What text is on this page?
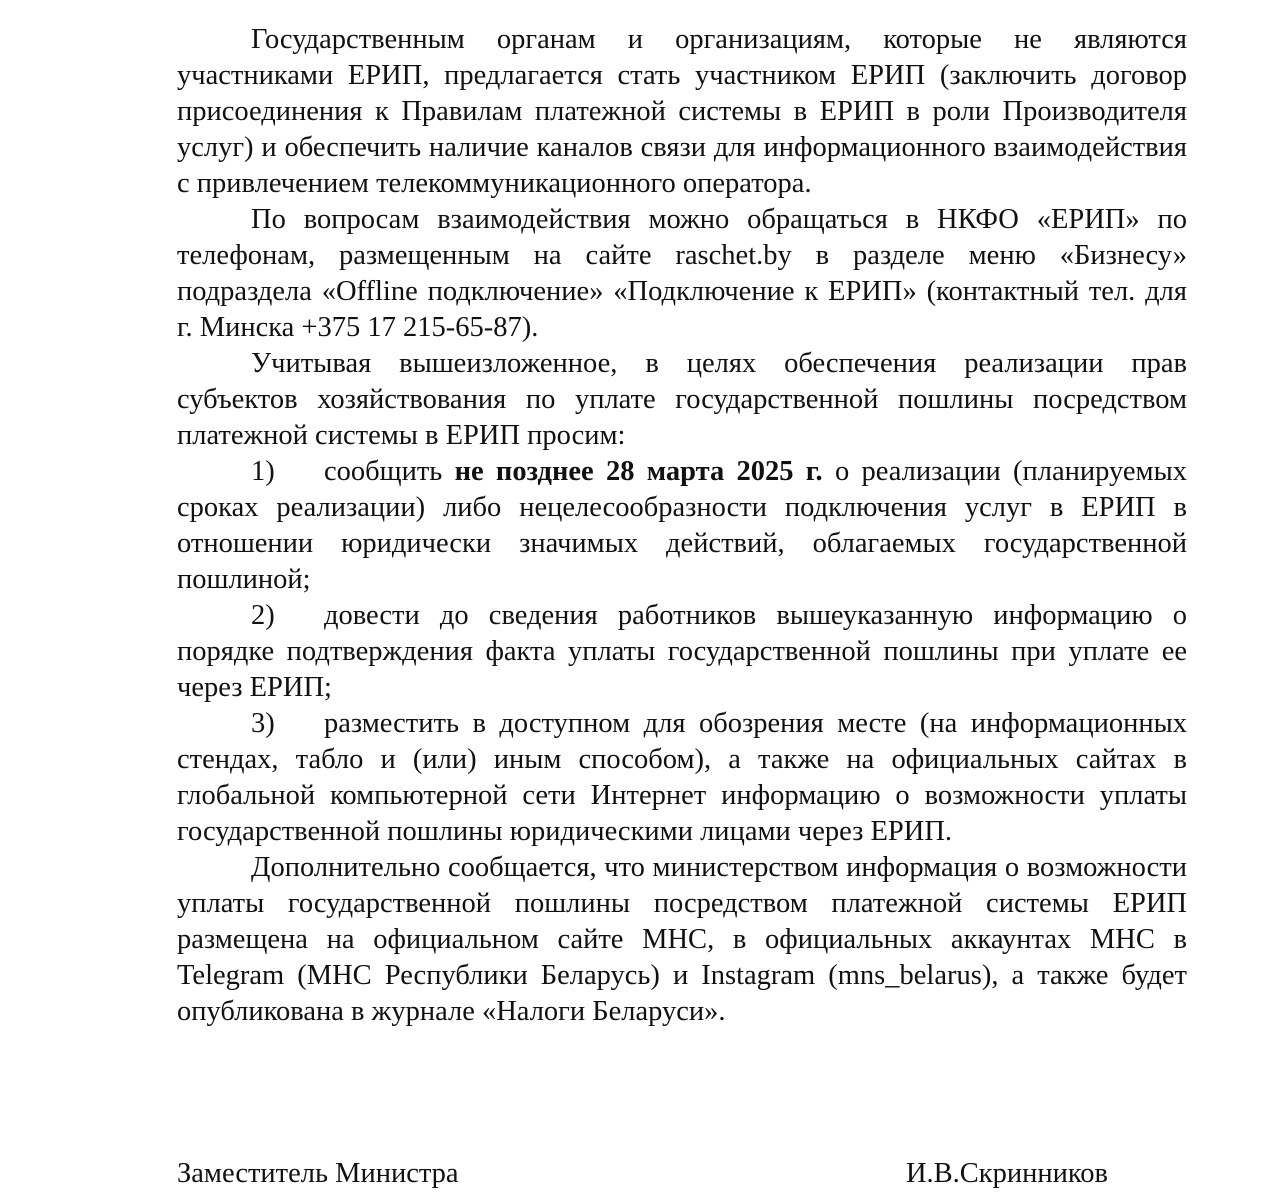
Государственным органам и организациям, которые не являются участниками ЕРИП, предлагается стать участником ЕРИП (заключить договор присоединения к Правилам платежной системы в ЕРИП в роли Производителя услуг) и обеспечить наличие каналов связи для информационного взаимодействия с привлечением телекоммуникационного оператора.

По вопросам взаимодействия можно обращаться в НКФО «ЕРИП» по телефонам, размещенным на сайте raschet.by в разделе меню «Бизнесу» подраздела «Offline подключение» «Подключение к ЕРИП» (контактный тел. для г. Минска +375 17 215-65-87).

Учитывая вышеизложенное, в целях обеспечения реализации прав субъектов хозяйствования по уплате государственной пошлины посредством платежной системы в ЕРИП просим:

1) сообщить не позднее 28 марта 2025 г. о реализации (планируемых сроках реализации) либо нецелесообразности подключения услуг в ЕРИП в отношении юридически значимых действий, облагаемых государственной пошлиной;

2) довести до сведения работников вышеуказанную информацию о порядке подтверждения факта уплаты государственной пошлины при уплате ее через ЕРИП;

3) разместить в доступном для обозрения месте (на информационных стендах, табло и (или) иным способом), а также на официальных сайтах в глобальной компьютерной сети Интернет информацию о возможности уплаты государственной пошлины юридическими лицами через ЕРИП.

Дополнительно сообщается, что министерством информация о возможности уплаты государственной пошлины посредством платежной системы ЕРИП размещена на официальном сайте МНС, в официальных аккаунтах МНС в Telegram (МНС Республики Беларусь) и Instagram (mns_belarus), а также будет опубликована в журнале «Налоги Беларуси».

Заместитель Министра	И.В.Скринников
